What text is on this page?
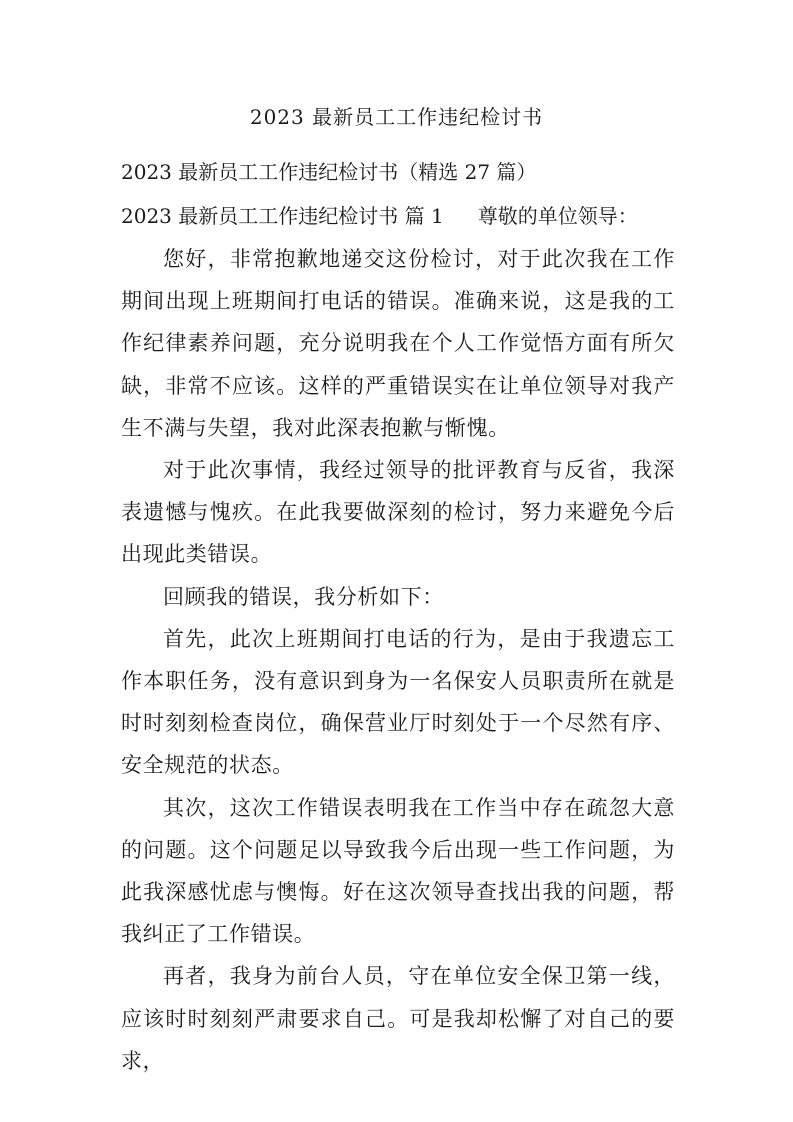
2023 最新员工工作违纪检讨书
2023 最新员工工作违纪检讨书（精选 27 篇）
2023 最新员工工作违纪检讨书 篇 1 尊敬的单位领导：

您好，非常抱歉地递交这份检讨，对于此次我在工作期间出现上班期间打电话的错误。准确来说，这是我的工作纪律素养问题，充分说明我在个人工作觉悟方面有所欠缺，非常不应该。这样的严重错误实在让单位领导对我产生不满与失望，我对此深表抱歉与惭愧。

对于此次事情，我经过领导的批评教育与反省，我深表遗憾与愧疚。在此我要做深刻的检讨，努力来避免今后出现此类错误。

回顾我的错误，我分析如下：

首先，此次上班期间打电话的行为，是由于我遗忘工作本职任务，没有意识到身为一名保安人员职责所在就是时时刻刻检查岗位，确保营业厅时刻处于一个尽然有序、安全规范的状态。

其次，这次工作错误表明我在工作当中存在疏忽大意的问题。这个问题足以导致我今后出现一些工作问题，为此我深感忧虑与懊悔。好在这次领导查找出我的问题，帮我纠正了工作错误。

再者，我身为前台人员，守在单位安全保卫第一线，应该时时刻刻严肃要求自己。可是我却松懈了对自己的要求，
